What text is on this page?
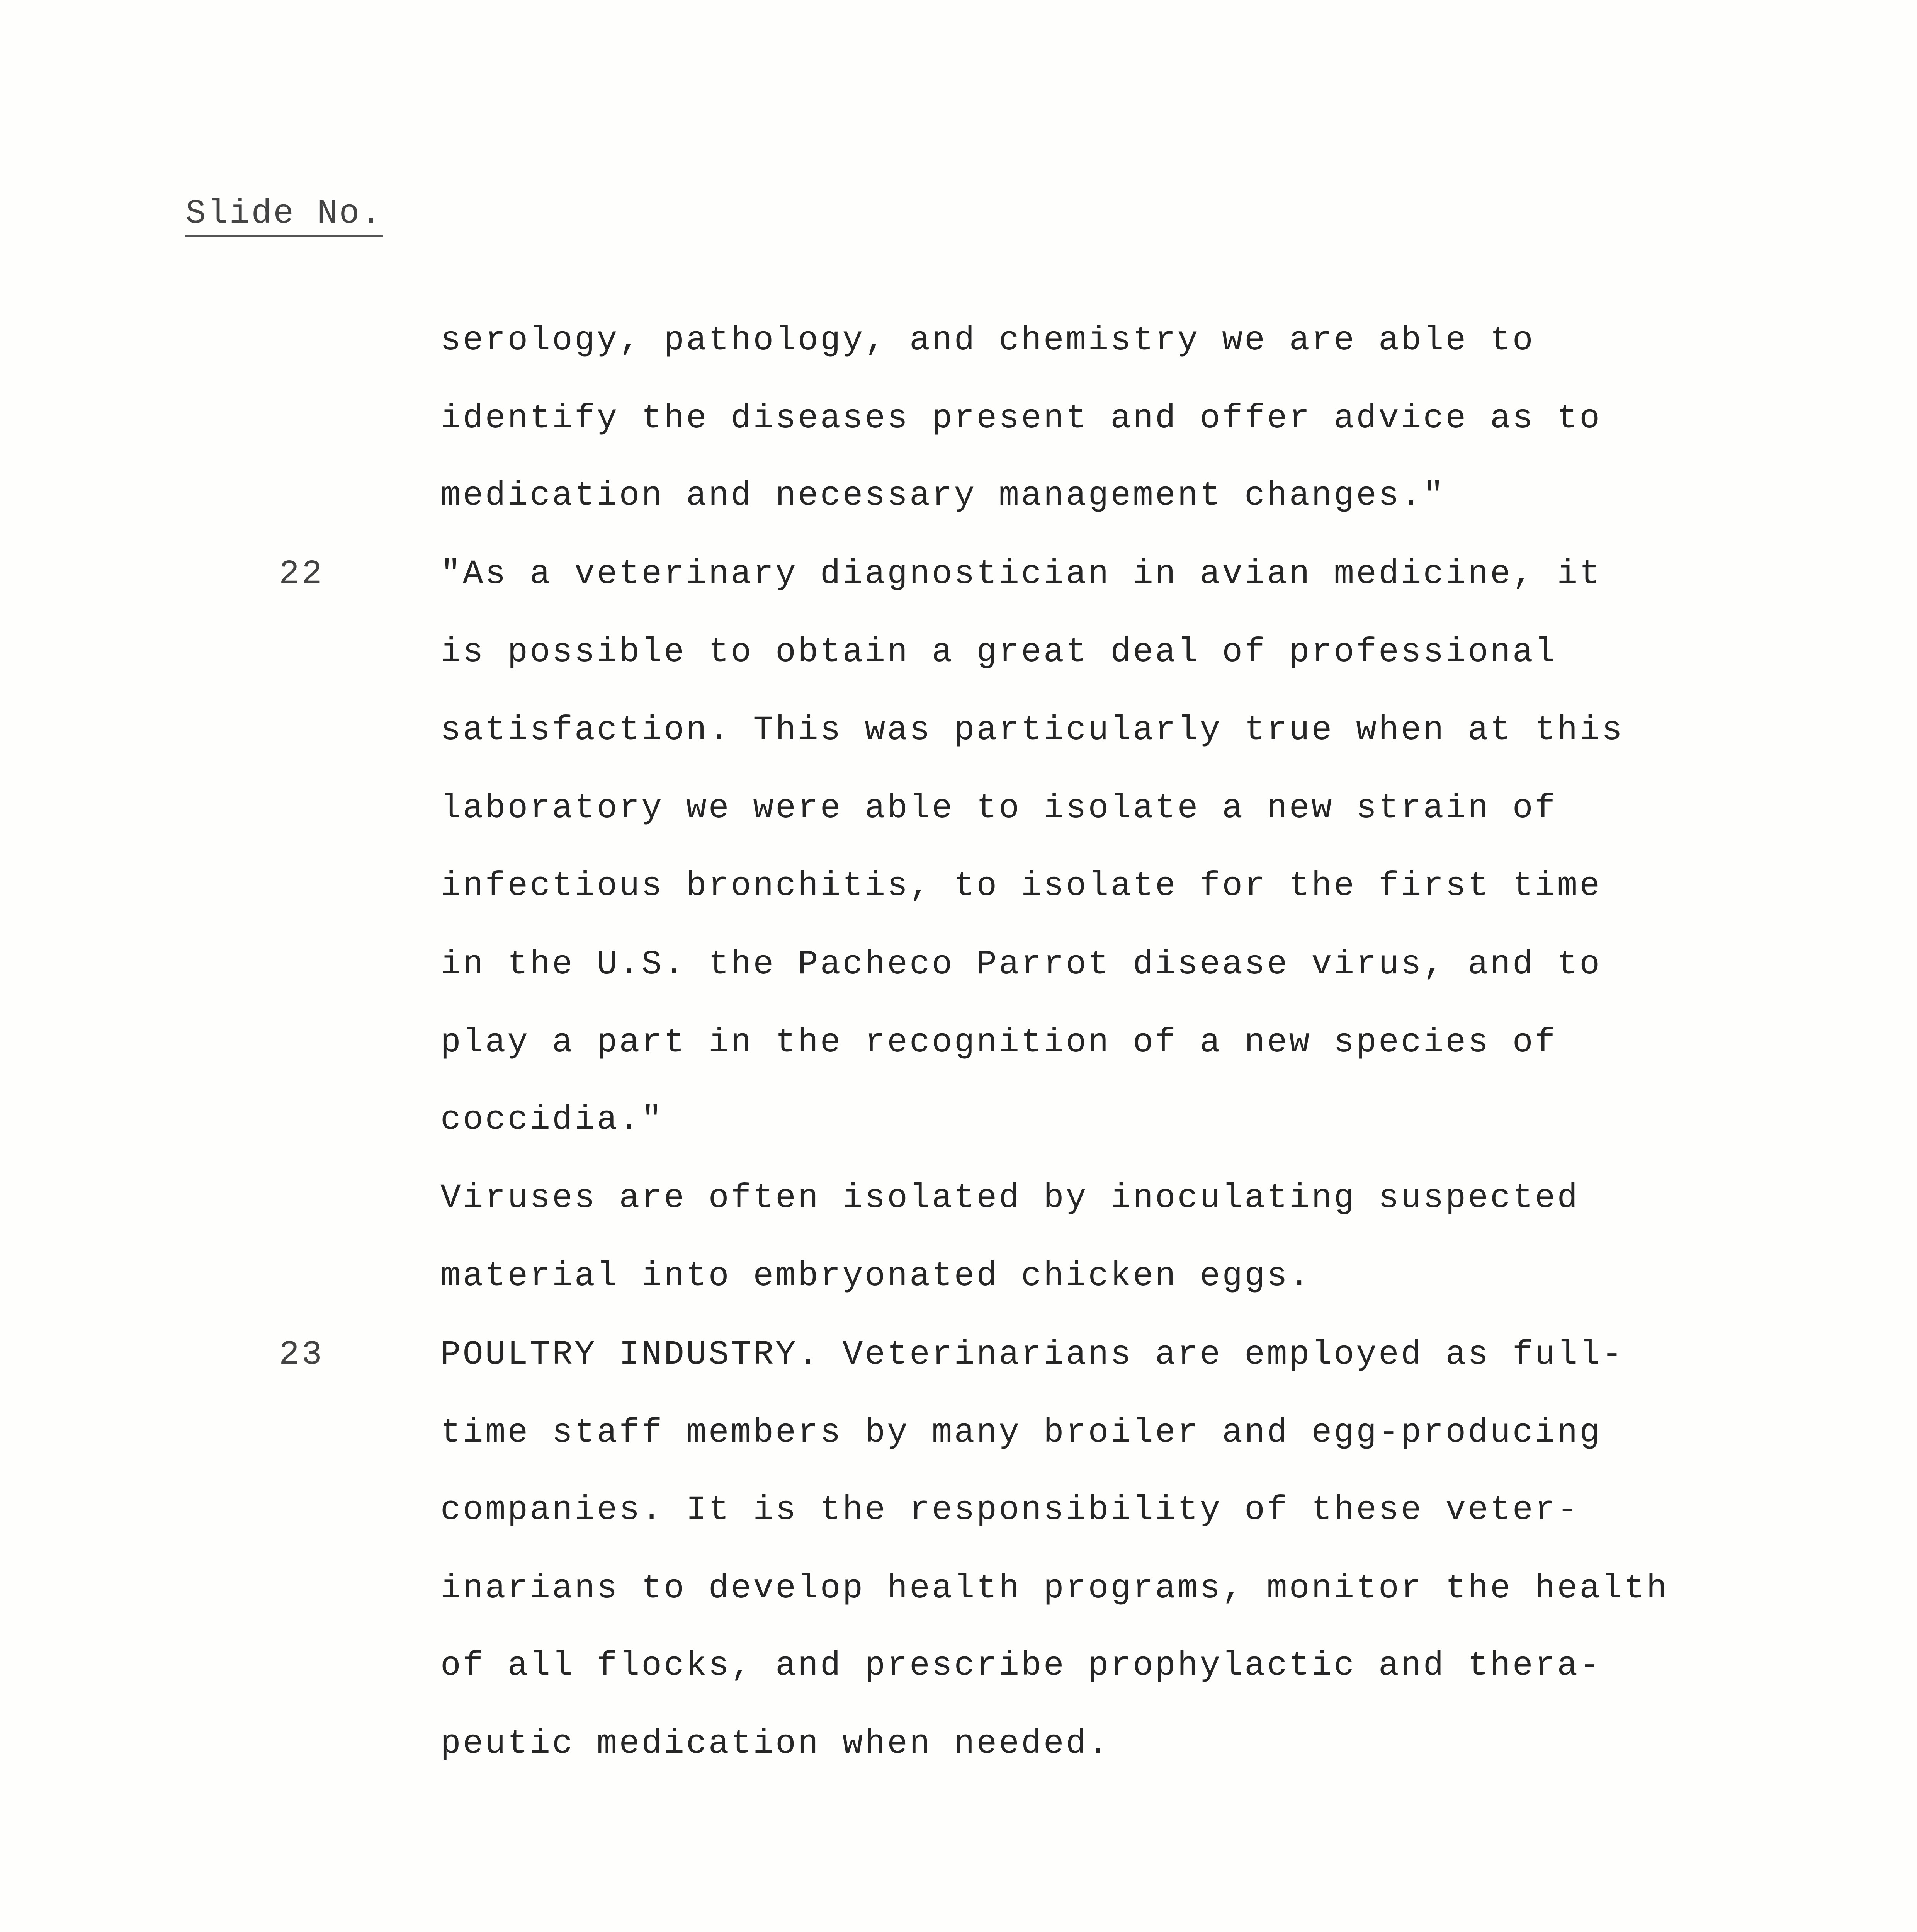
Slide No.
22
23
serology, pathology, and chemistry we are able to
identify the diseases present and offer advice as to
medication and necessary management changes."
"As a veterinary diagnostician in avian medicine, it
is possible to obtain a great deal of professional
satisfaction. This was particularly true when at this
laboratory we were able to isolate a new strain of
infectious bronchitis, to isolate for the first time
in the U.S. the Pacheco Parrot disease virus, and to
play a part in the recognition of a new species of
coccidia."
Viruses are often isolated by inoculating suspected
material into embryonated chicken eggs.
POULTRY INDUSTRY. Veterinarians are employed as full-
time staff members by many broiler and egg-producing
companies. It is the responsibility of these veter-
inarians to develop health programs, monitor the health
of all flocks, and prescribe prophylactic and thera-
peutic medication when needed.
